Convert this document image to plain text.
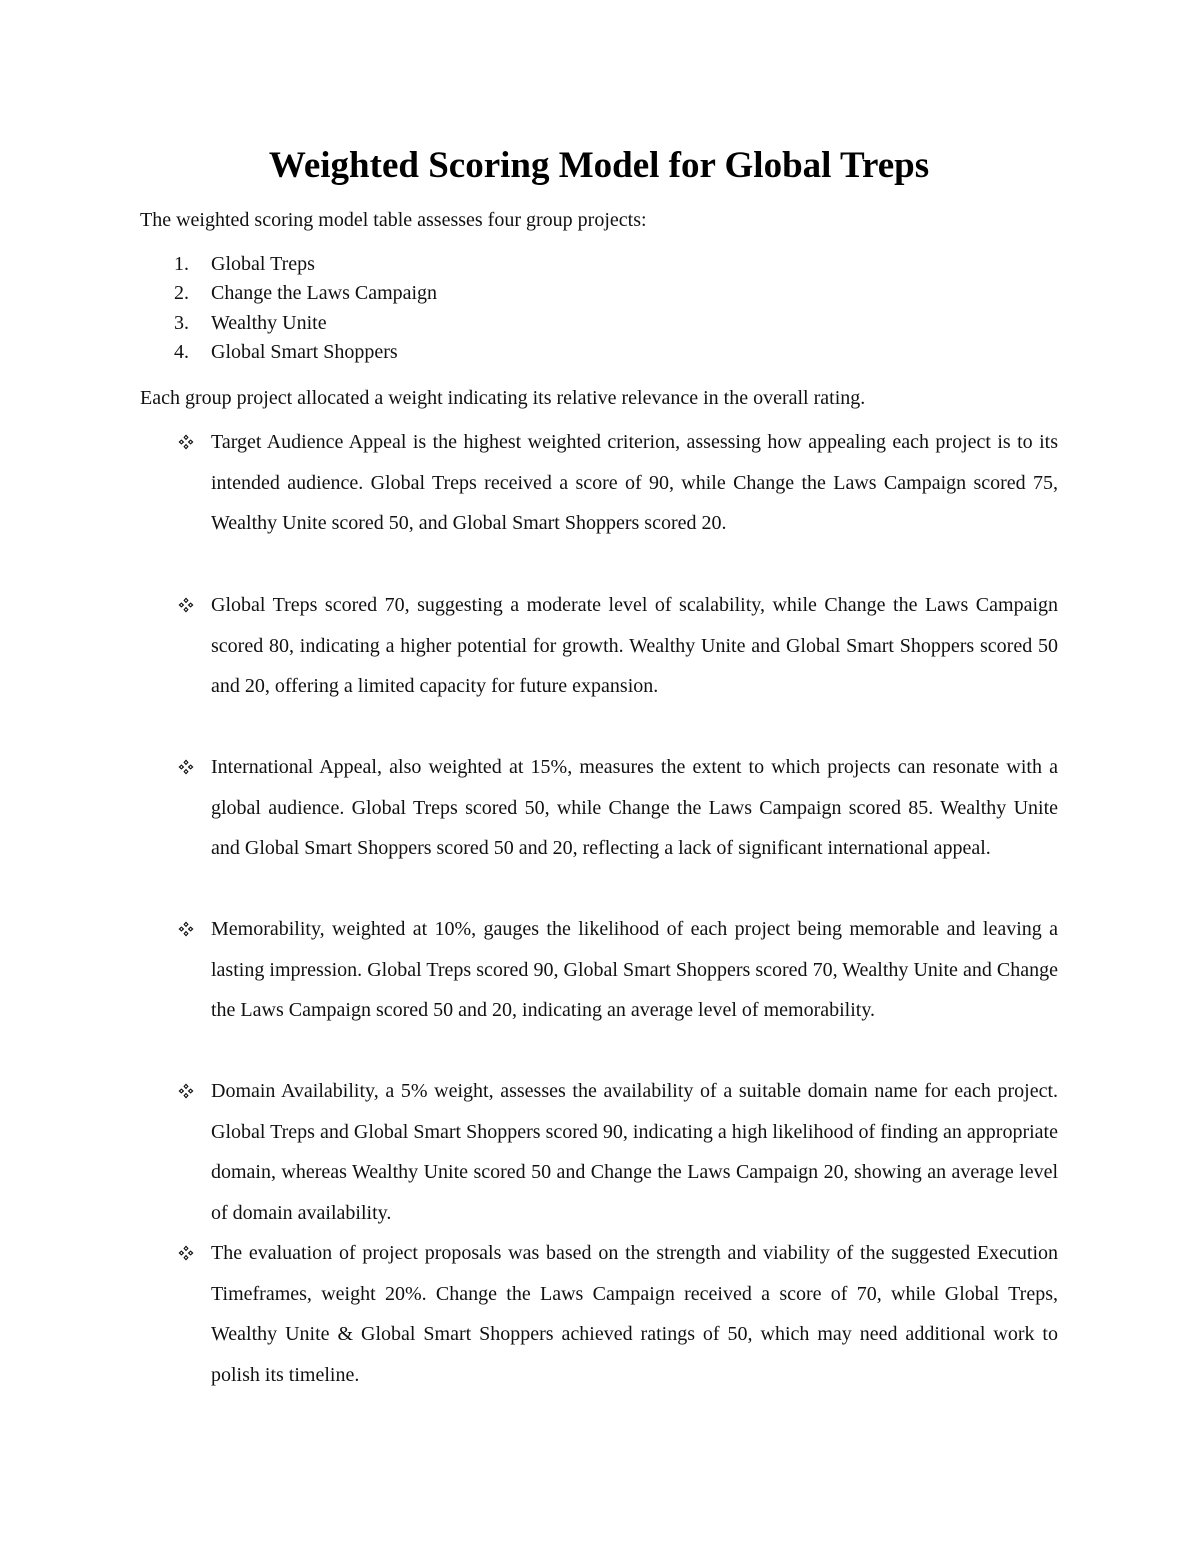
Weighted Scoring Model for Global Treps

The weighted scoring model table assesses four group projects:

1. Global Treps
2. Change the Laws Campaign
3. Wealthy Unite
4. Global Smart Shoppers

Each group project allocated a weight indicating its relative relevance in the overall rating.

Target Audience Appeal is the highest weighted criterion, assessing how appealing each project is to its intended audience. Global Treps received a score of 90, while Change the Laws Campaign scored 75, Wealthy Unite scored 50, and Global Smart Shoppers scored 20.
Global Treps scored 70, suggesting a moderate level of scalability, while Change the Laws Campaign scored 80, indicating a higher potential for growth. Wealthy Unite and Global Smart Shoppers scored 50 and 20, offering a limited capacity for future expansion.
International Appeal, also weighted at 15%, measures the extent to which projects can resonate with a global audience. Global Treps scored 50, while Change the Laws Campaign scored 85. Wealthy Unite and Global Smart Shoppers scored 50 and 20, reflecting a lack of significant international appeal.
Memorability, weighted at 10%, gauges the likelihood of each project being memorable and leaving a lasting impression. Global Treps scored 90, Global Smart Shoppers scored 70, Wealthy Unite and Change the Laws Campaign scored 50 and 20, indicating an average level of memorability.
Domain Availability, a 5% weight, assesses the availability of a suitable domain name for each project. Global Treps and Global Smart Shoppers scored 90, indicating a high likelihood of finding an appropriate domain, whereas Wealthy Unite scored 50 and Change the Laws Campaign 20, showing an average level of domain availability.
The evaluation of project proposals was based on the strength and viability of the suggested Execution Timeframes, weight 20%. Change the Laws Campaign received a score of 70, while Global Treps, Wealthy Unite & Global Smart Shoppers achieved ratings of 50, which may need additional work to polish its timeline.
